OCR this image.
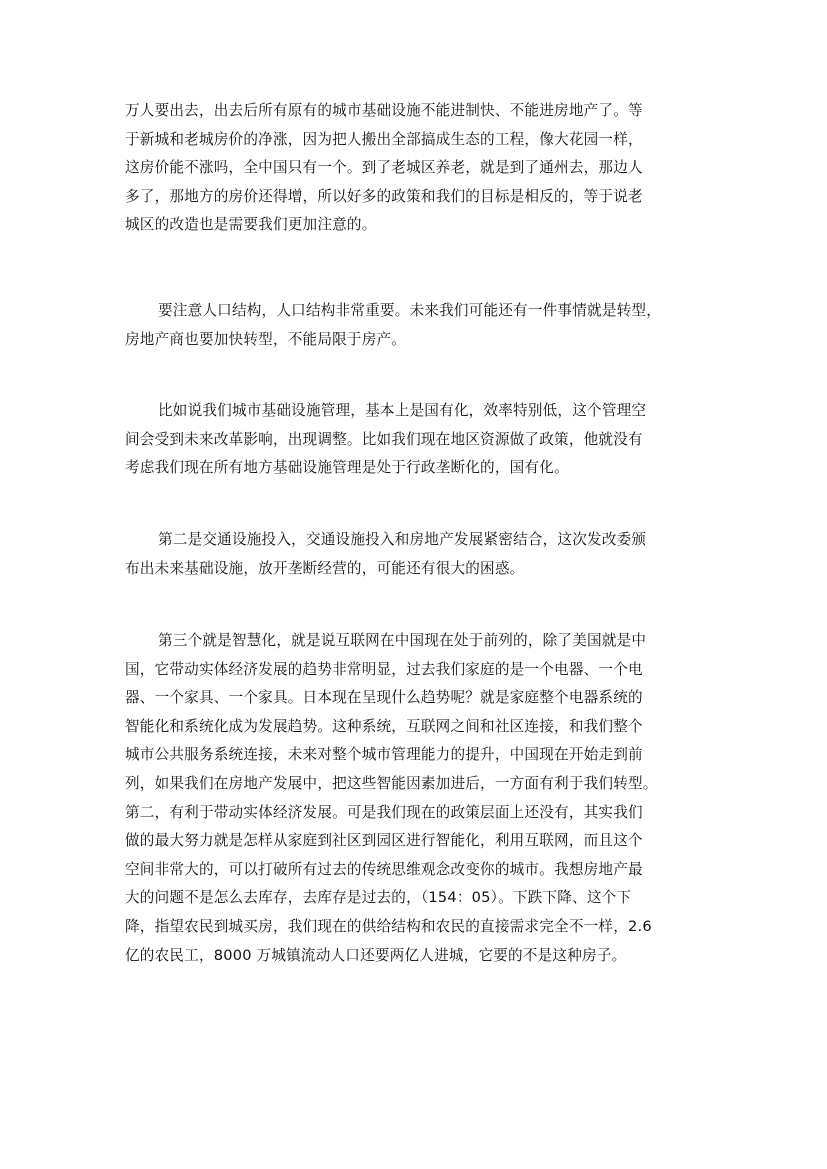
万人要出去，出去后所有原有的城市基础设施不能进制快、不能进房地产了。等
于新城和老城房价的净涨，因为把人搬出全部搞成生态的工程，像大花园一样，
这房价能不涨吗，全中国只有一个。到了老城区养老，就是到了通州去，那边人
多了，那地方的房价还得增，所以好多的政策和我们的目标是相反的，等于说老
城区的改造也是需要我们更加注意的。
要注意人口结构，人口结构非常重要。未来我们可能还有一件事情就是转型，
房地产商也要加快转型，不能局限于房产。
比如说我们城市基础设施管理，基本上是国有化，效率特别低，这个管理空
间会受到未来改革影响，出现调整。比如我们现在地区资源做了政策，他就没有
考虑我们现在所有地方基础设施管理是处于行政垄断化的，国有化。
第二是交通设施投入，交通设施投入和房地产发展紧密结合，这次发改委颁
布出未来基础设施，放开垄断经营的，可能还有很大的困惑。
第三个就是智慧化，就是说互联网在中国现在处于前列的，除了美国就是中
国，它带动实体经济发展的趋势非常明显，过去我们家庭的是一个电器、一个电
器、一个家具、一个家具。日本现在呈现什么趋势呢？就是家庭整个电器系统的
智能化和系统化成为发展趋势。这种系统，互联网之间和社区连接，和我们整个
城市公共服务系统连接，未来对整个城市管理能力的提升，中国现在开始走到前
列，如果我们在房地产发展中，把这些智能因素加进后，一方面有利于我们转型。
第二，有利于带动实体经济发展。可是我们现在的政策层面上还没有，其实我们
做的最大努力就是怎样从家庭到社区到园区进行智能化，利用互联网，而且这个
空间非常大的，可以打破所有过去的传统思维观念改变你的城市。我想房地产最
大的问题不是怎么去库存，去库存是过去的，（154：05）。下跌下降、这个下
降，指望农民到城买房，我们现在的供给结构和农民的直接需求完全不一样，2.6
亿的农民工，8000 万城镇流动人口还要两亿人进城，它要的不是这种房子。
